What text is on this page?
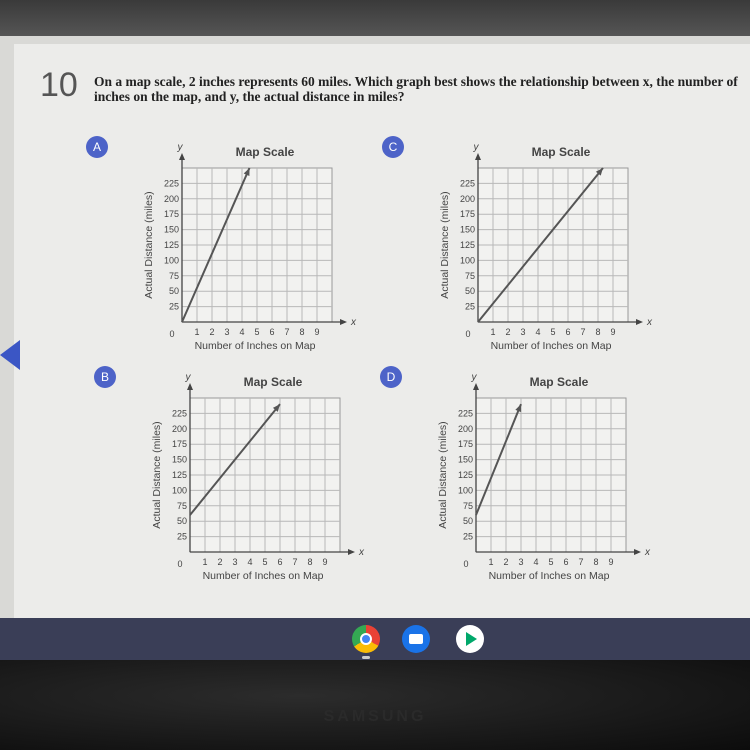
10 On a map scale, 2 inches represents 60 miles. Which graph best shows the relationship between x, the number of inches on the map, and y, the actual distance in miles?
A	Map Scale
y
x
0
25
50
75
100
125
150
175
200
225
1 2 3 4 5 6 7 8 9
Number of Inches on Map
Actual Distance (miles)
C	Map Scale
y
x
0
25
50
75
100
125
150
175
200
225
1 2 3 4 5 6 7 8 9
Number of Inches on Map
Actual Distance (miles)
B	Map Scale
y
x
0
25
50
75
100
125
150
175
200
225
1 2 3 4 5 6 7 8 9
Number of Inches on Map
Actual Distance (miles)
D	Map Scale
y
x
0
25
50
75
100
125
150
175
200
225
1 2 3 4 5 6 7 8 9
Number of Inches on Map
Actual Distance (miles)
SAMSUNG
